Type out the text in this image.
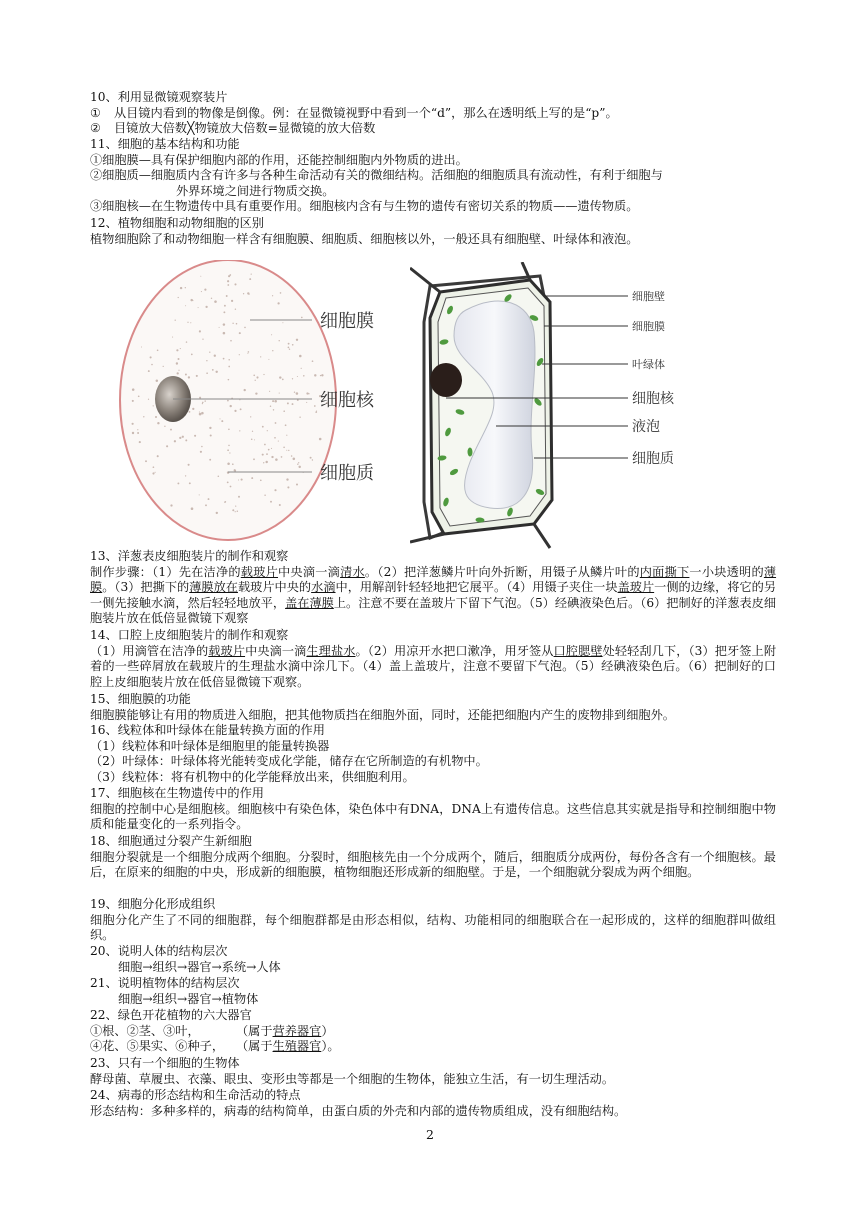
10、利用显微镜观察装片
① 从目镜内看到的物像是倒像。例：在显微镜视野中看到一个“d”，那么在透明纸上写的是“p”。
② 目镜放大倍数╳物镜放大倍数=显微镜的放大倍数
11、细胞的基本结构和功能
①细胞膜—具有保护细胞内部的作用，还能控制细胞内外物质的进出。
②细胞质—细胞质内含有许多与各种生命活动有关的微细结构。活细胞的细胞质具有流动性，有利于细胞与
外界环境之间进行物质交换。
③细胞核—在生物遗传中具有重要作用。细胞核内含有与生物的遗传有密切关系的物质——遗传物质。
12、植物细胞和动物细胞的区别
植物细胞除了和动物细胞一样含有细胞膜、细胞质、细胞核以外，一般还具有细胞壁、叶绿体和液泡。
细胞膜
细胞核
细胞质
细胞壁
细胞膜
叶绿体
细胞核
液泡
细胞质
13、洋葱表皮细胞装片的制作和观察
制作步骤：（1）先在洁净的载玻片中央滴一滴清水。（2）把洋葱鳞片叶向外折断，用镊子从鳞片叶的内面撕下一小块透明的薄膜。（3）把撕下的薄膜放在载玻片中央的水滴中，用解剖针轻轻地把它展平。（4）用镊子夹住一块盖玻片一侧的边缘，将它的另一侧先接触水滴，然后轻轻地放平，盖在薄膜上。注意不要在盖玻片下留下气泡。（5）经碘液染色后。（6）把制好的洋葱表皮细胞装片放在低倍显微镜下观察
14、口腔上皮细胞装片的制作和观察
（1）用滴管在洁净的载玻片中央滴一滴生理盐水。（2）用凉开水把口漱净，用牙签从口腔腮壁处轻轻刮几下，（3）把牙签上附着的一些碎屑放在载玻片的生理盐水滴中涂几下。（4）盖上盖玻片，注意不要留下气泡。（5）经碘液染色后。（6）把制好的口腔上皮细胞装片放在低倍显微镜下观察。
15、细胞膜的功能
细胞膜能够让有用的物质进入细胞，把其他物质挡在细胞外面，同时，还能把细胞内产生的废物排到细胞外。
16、线粒体和叶绿体在能量转换方面的作用
（1）线粒体和叶绿体是细胞里的能量转换器
（2）叶绿体：叶绿体将光能转变成化学能，储存在它所制造的有机物中。
（3）线粒体：将有机物中的化学能释放出来，供细胞利用。
17、细胞核在生物遗传中的作用
细胞的控制中心是细胞核。细胞核中有染色体，染色体中有DNA，DNA上有遗传信息。这些信息其实就是指导和控制细胞中物质和能量变化的一系列指令。
18、细胞通过分裂产生新细胞
细胞分裂就是一个细胞分成两个细胞。分裂时，细胞核先由一个分成两个，随后，细胞质分成两份，每份各含有一个细胞核。最后，在原来的细胞的中央，形成新的细胞膜，植物细胞还形成新的细胞壁。于是，一个细胞就分裂成为两个细胞。
19、细胞分化形成组织
细胞分化产生了不同的细胞群，每个细胞群都是由形态相似，结构、功能相同的细胞联合在一起形成的，这样的细胞群叫做组织。
20、说明人体的结构层次
细胞→组织→器官→系统→人体
21、说明植物体的结构层次
细胞→组织→器官→植物体
22、绿色开花植物的六大器官
①根、②茎、③叶，	（属于营养器官）
④花、⑤果实、⑥种子， （属于生殖器官）。
23、只有一个细胞的生物体
酵母菌、草履虫、衣藻、眼虫、变形虫等都是一个细胞的生物体，能独立生活，有一切生理活动。
24、病毒的形态结构和生命活动的特点
形态结构：多种多样的，病毒的结构简单，由蛋白质的外壳和内部的遗传物质组成，没有细胞结构。
2
